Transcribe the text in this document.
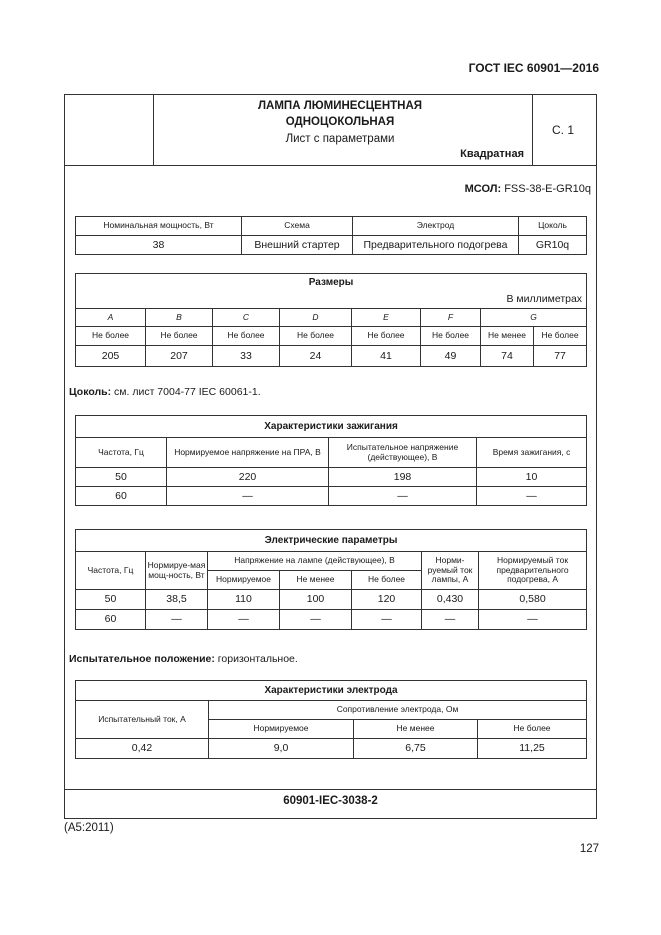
ГОСТ IEC 60901—2016
ЛАМПА ЛЮМИНЕСЦЕНТНАЯ
ОДНОЦОКОЛЬНАЯ
Лист с параметрами
Квадратная
С. 1
МСОЛ: FSS-38-E-GR10q
Номинальная мощность, Вт	Схема	Электрод	Цоколь
38	Внешний стартер	Предварительного подогрева	GR10q
Размеры							
В миллиметрах							
A	B	C	D	E	F	G	
Не более	Не более	Не более	Не более	Не более	Не более	Не менее	Не более
205	207	33	24	41	49	74	77
Цоколь: см. лист 7004-77 IEC 60061-1.
Характеристики зажигания			
Частота, Гц	Нормируемое напряжение на ПРА, В	Испытательное напряжение (действующее), В	Время зажигания, с
50	220	198	10
60	—	—	—
Электрические параметры						
Частота, Гц	Нормируе-мая мощ-ность, Вт	Напряжение на лампе (действующее), В			Норми-руемый ток лампы, А	Нормируемый ток предварительного подогрева, А
		Нормируемое	Не менее	Не более		
50	38,5	110	100	120	0,430	0,580
60	—	—	—	—	—	—
Испытательное положение: горизонтальное.
Характеристики электрода			
Испытательный ток, А	Сопротивление электрода, Ом		
	Нормируемое	Не менее	Не более
0,42	9,0	6,75	11,25
60901-IEC-3038-2
(A5:2011)
127
